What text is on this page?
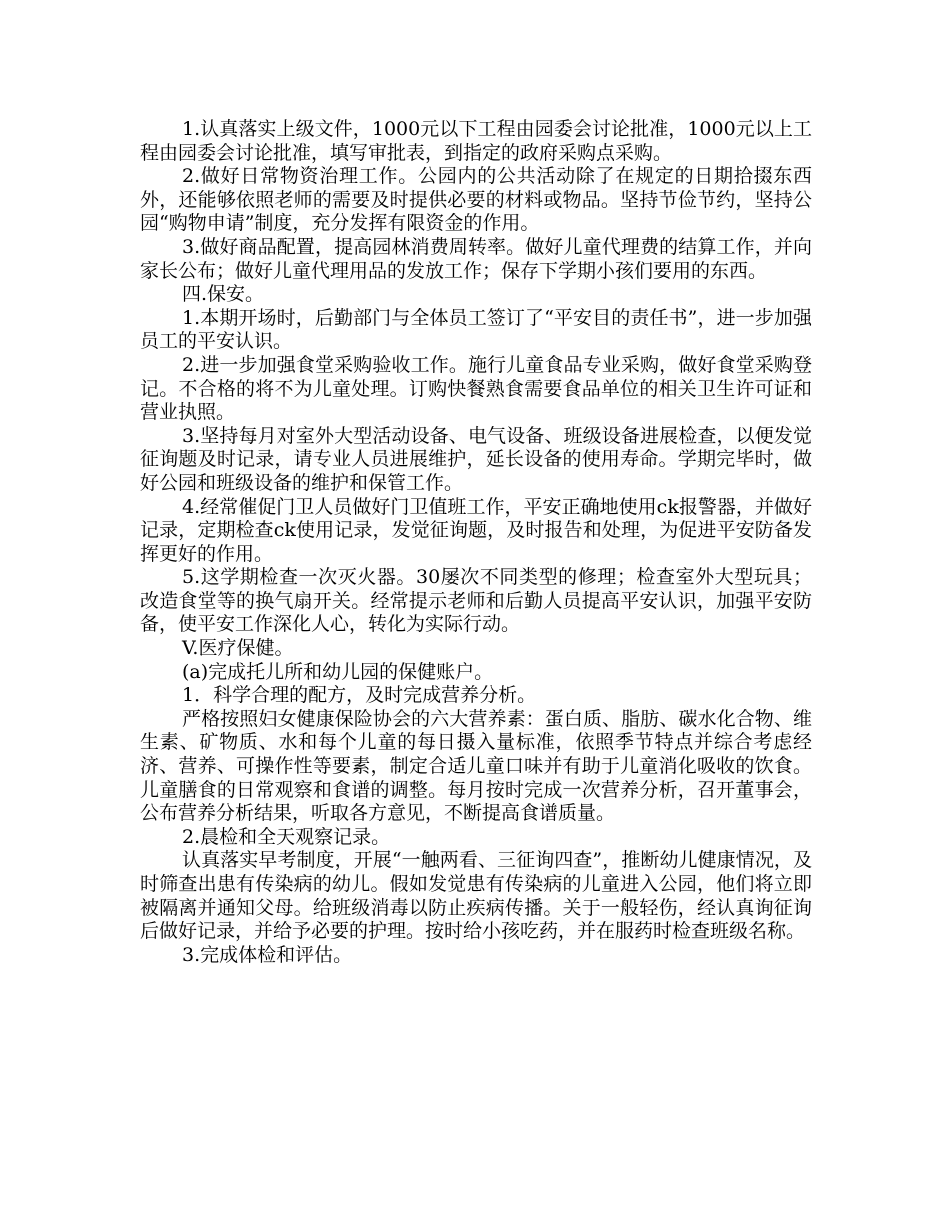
1.认真落实上级文件，1000元以下工程由园委会讨论批准，1000元以上工程由园委会讨论批准，填写审批表，到指定的政府采购点采购。

2.做好日常物资治理工作。公园内的公共活动除了在规定的日期拾掇东西外，还能够依照老师的需要及时提供必要的材料或物品。坚持节俭节约，坚持公园“购物申请”制度，充分发挥有限资金的作用。

3.做好商品配置，提高园林消费周转率。做好儿童代理费的结算工作，并向家长公布；做好儿童代理用品的发放工作；保存下学期小孩们要用的东西。

四.保安。

1.本期开场时，后勤部门与全体员工签订了“平安目的责任书”，进一步加强员工的平安认识。

2.进一步加强食堂采购验收工作。施行儿童食品专业采购，做好食堂采购登记。不合格的将不为儿童处理。订购快餐熟食需要食品单位的相关卫生许可证和营业执照。

3.坚持每月对室外大型活动设备、电气设备、班级设备进展检查，以便发觉征询题及时记录，请专业人员进展维护，延长设备的使用寿命。学期完毕时，做好公园和班级设备的维护和保管工作。

4.经常催促门卫人员做好门卫值班工作，平安正确地使用ck报警器，并做好记录，定期检查ck使用记录，发觉征询题，及时报告和处理，为促进平安防备发挥更好的作用。

5.这学期检查一次灭火器。30屡次不同类型的修理；检查室外大型玩具；改造食堂等的换气扇开关。经常提示老师和后勤人员提高平安认识，加强平安防备，使平安工作深化人心，转化为实际行动。

V.医疗保健。

(a)完成托儿所和幼儿园的保健账户。

1．科学合理的配方，及时完成营养分析。

严格按照妇女健康保险协会的六大营养素：蛋白质、脂肪、碳水化合物、维生素、矿物质、水和每个儿童的每日摄入量标准，依照季节特点并综合考虑经济、营养、可操作性等要素，制定合适儿童口味并有助于儿童消化吸收的饮食。儿童膳食的日常观察和食谱的调整。每月按时完成一次营养分析，召开董事会，公布营养分析结果，听取各方意见，不断提高食谱质量。

2.晨检和全天观察记录。

认真落实早考制度，开展“一触两看、三征询四查”，推断幼儿健康情况，及时筛查出患有传染病的幼儿。假如发觉患有传染病的儿童进入公园，他们将立即被隔离并通知父母。给班级消毒以防止疾病传播。关于一般轻伤，经认真询征询后做好记录，并给予必要的护理。按时给小孩吃药，并在服药时检查班级名称。

3.完成体检和评估。
